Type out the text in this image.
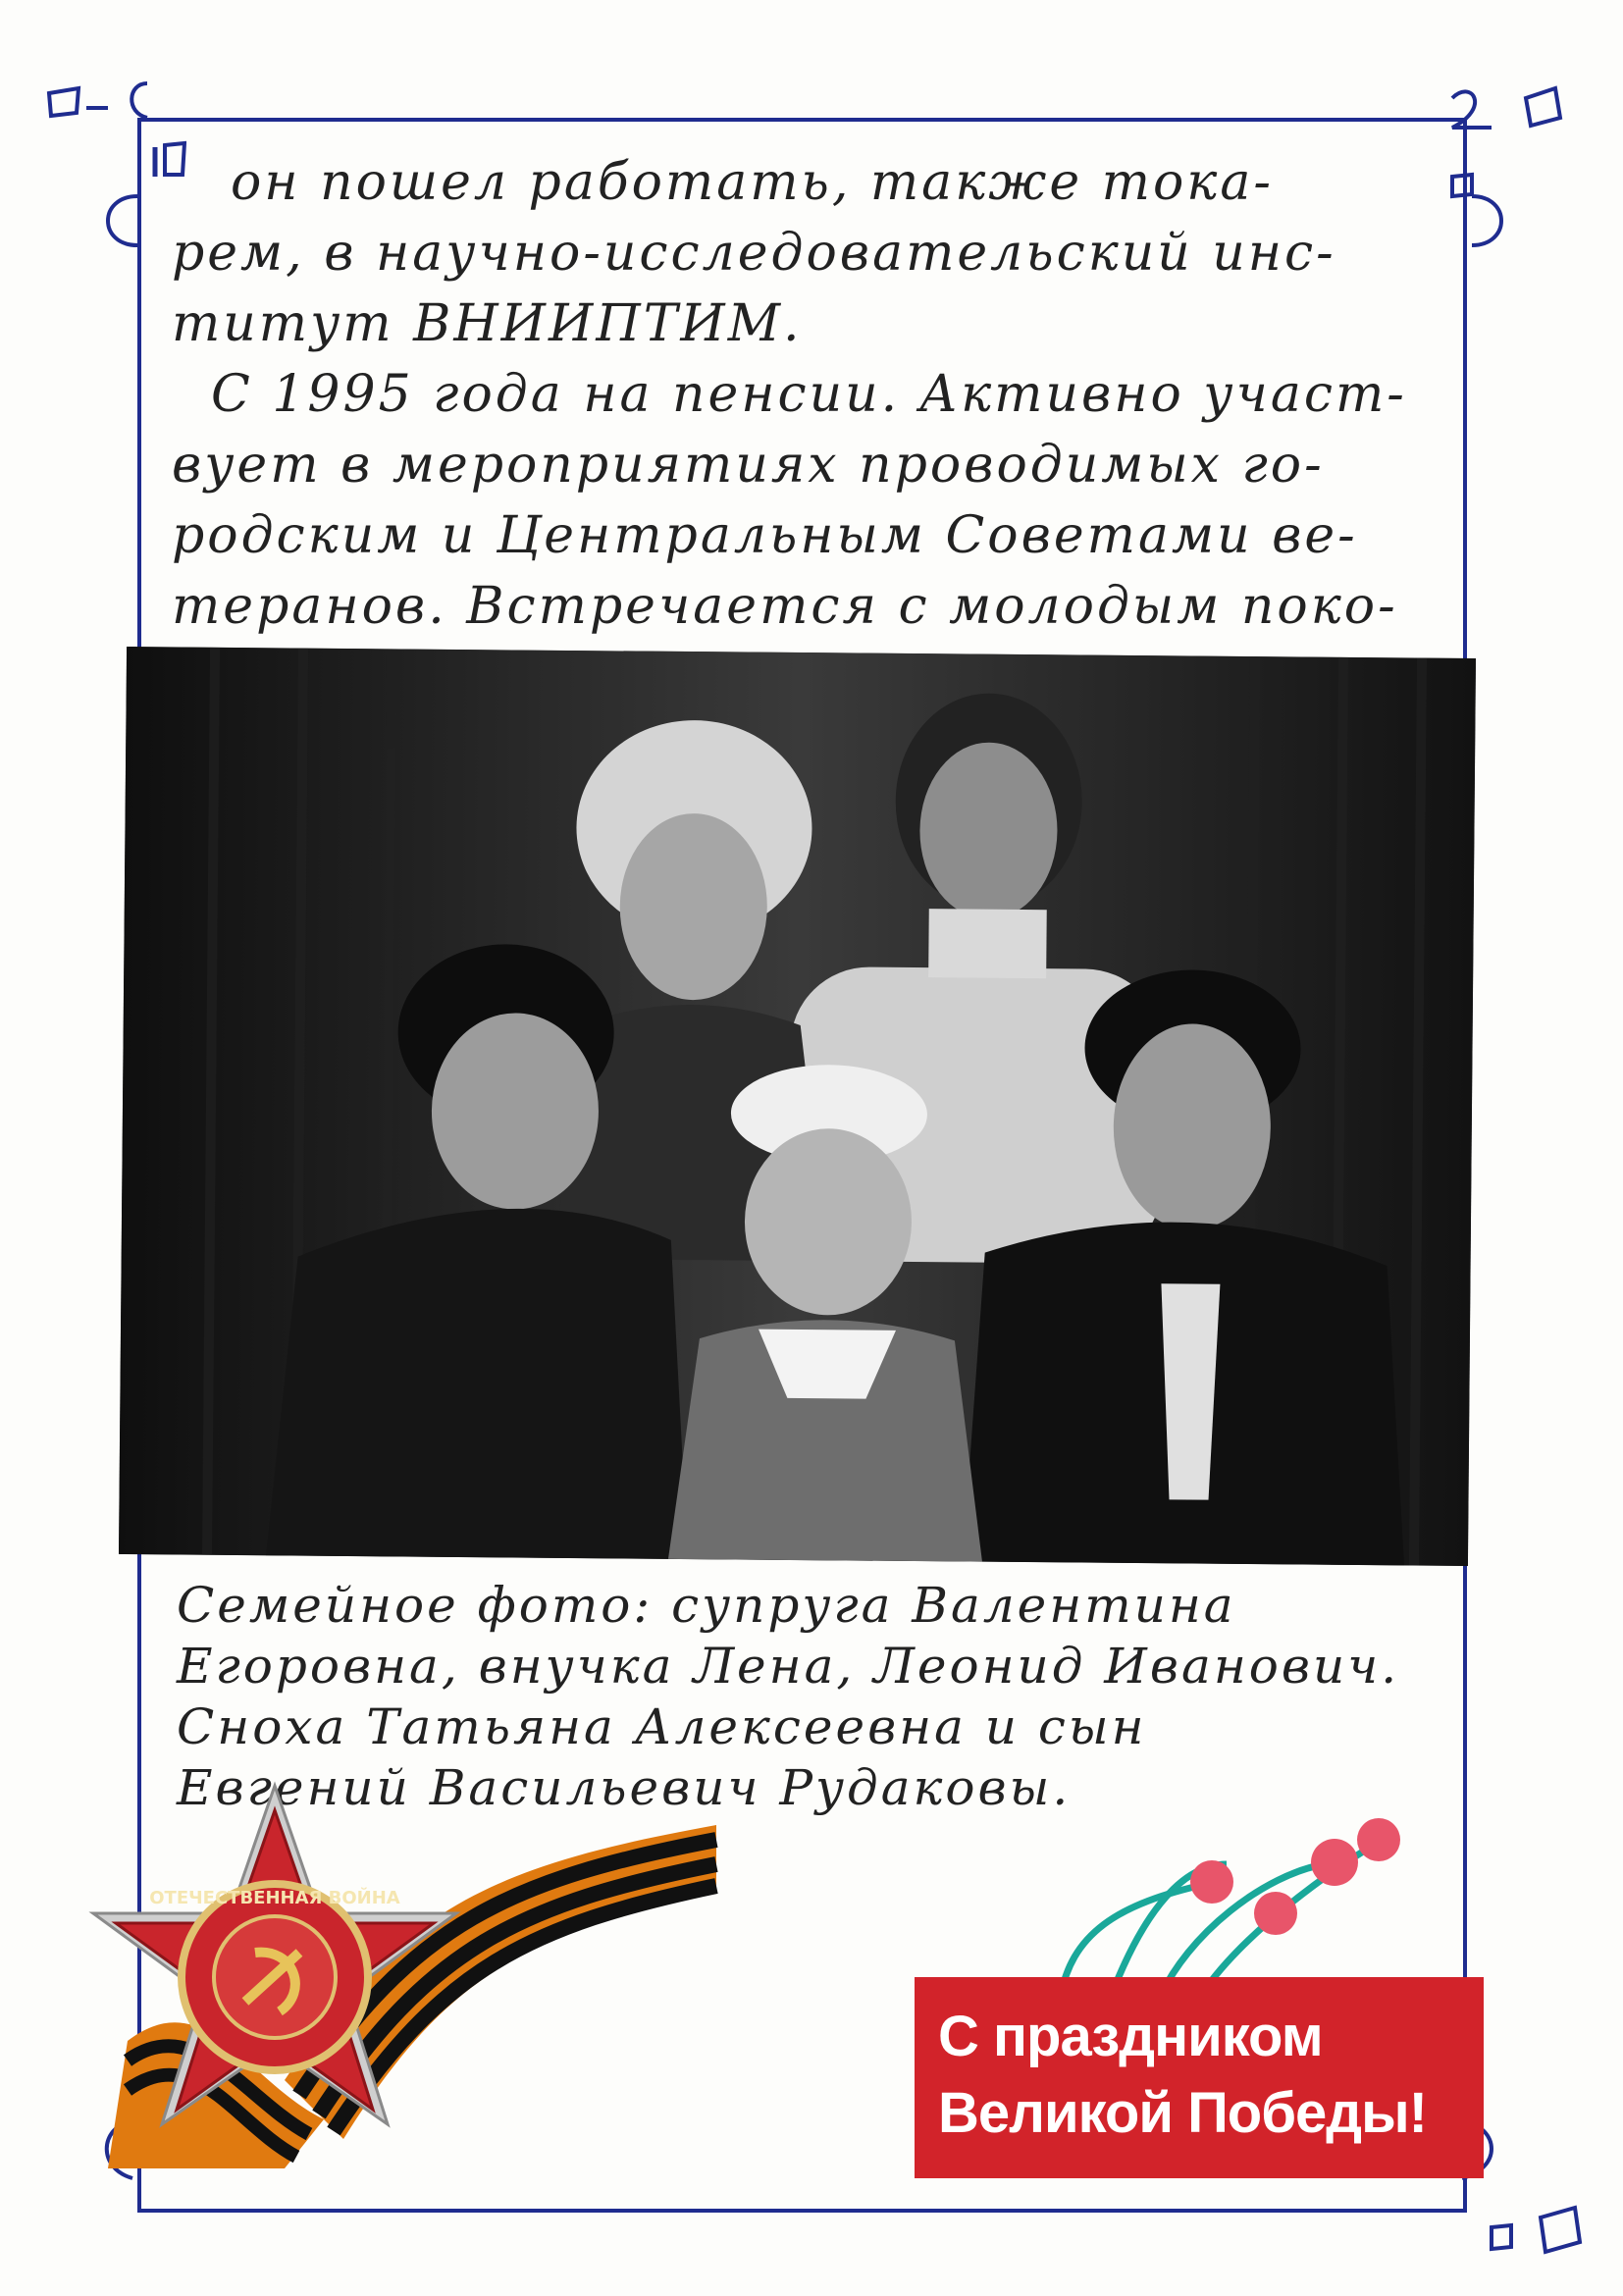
он пошел работать, также тока-

рем, в научно-исследовательский инс-

титут ВНИИПТИМ.

С 1995 года на пенсии. Активно участ-

вует в мероприятиях проводимых го-

родским и Центральным Советами ве-

теранов. Встречается с молодым поко-

Семейное фото: супруга Валентина

Егоровна, внучка Лена, Леонид Иванович.

Сноха Татьяна Алексеевна и сын

Евгений Васильевич Рудаковы.

ОТЕЧЕСТВЕННАЯ ВОЙНА
С праздником
Великой Победы!
